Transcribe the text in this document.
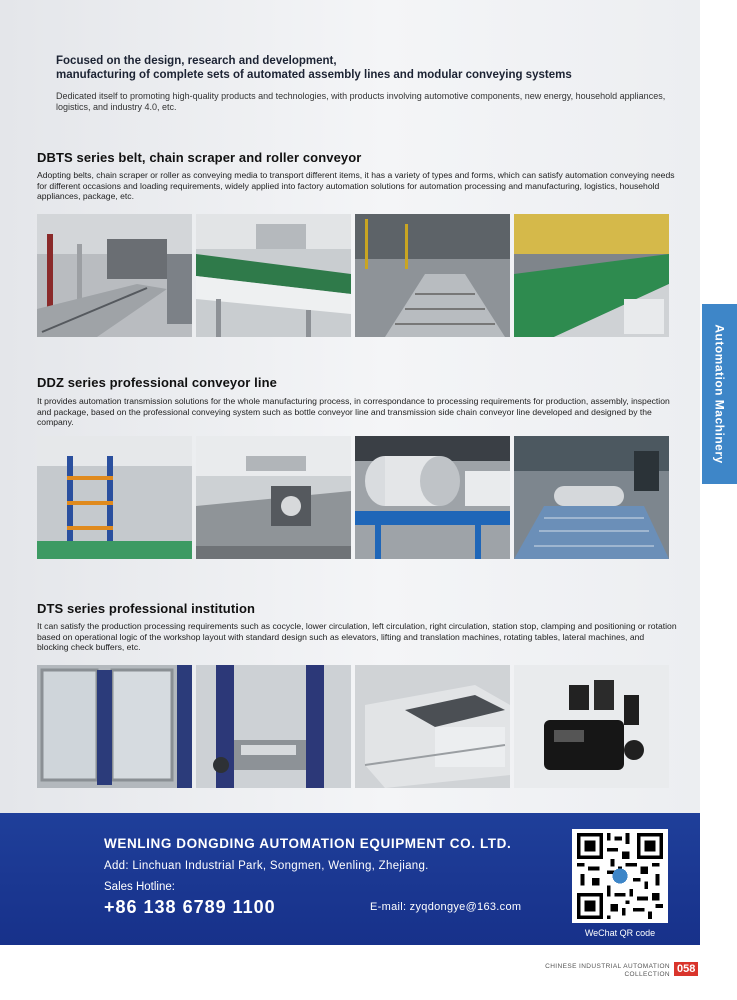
Focused on the design, research and development,
manufacturing of complete sets of automated assembly lines and modular conveying systems
Dedicated itself to promoting high-quality products and technologies, with products involving automotive components, new energy, household appliances, logistics, and industry 4.0, etc.
DBTS series belt, chain scraper and roller conveyor
Adopting belts, chain scraper or roller as conveying media to transport different items, it has a variety of types and forms, which can satisfy automation conveying needs for different occasions and loading requirements, widely applied into factory automation solutions for automation processing and manufacturing, logistics, household appliances, package, etc.
DDZ series professional conveyor line
It provides automation transmission solutions for the whole manufacturing process, in correspondance to processing requirements for production, assembly, inspection and package, based on the professional conveying system such as bottle conveyor line and transmission side chain conveyor line developed and designed by the company.
DTS series professional institution
It can satisfy the production processing requirements such as cocycle, lower circulation, left circulation, right circulation, station stop, clamping and positioning or rotation based on operational logic of the workshop layout with standard design such as elevators, lifting and translation machines, rotating tables, lateral machines, and blocking check buffers, etc.
Automation Machinery
WENLING DONGDING AUTOMATION EQUIPMENT CO. LTD.
Add: Linchuan Industrial Park, Songmen, Wenling, Zhejiang.
Sales Hotline:
+86 138 6789 1100	E-mail: zyqdongye@163.com
WeChat QR code
CHINESE INDUSTRIAL AUTOMATION
COLLECTION 058
